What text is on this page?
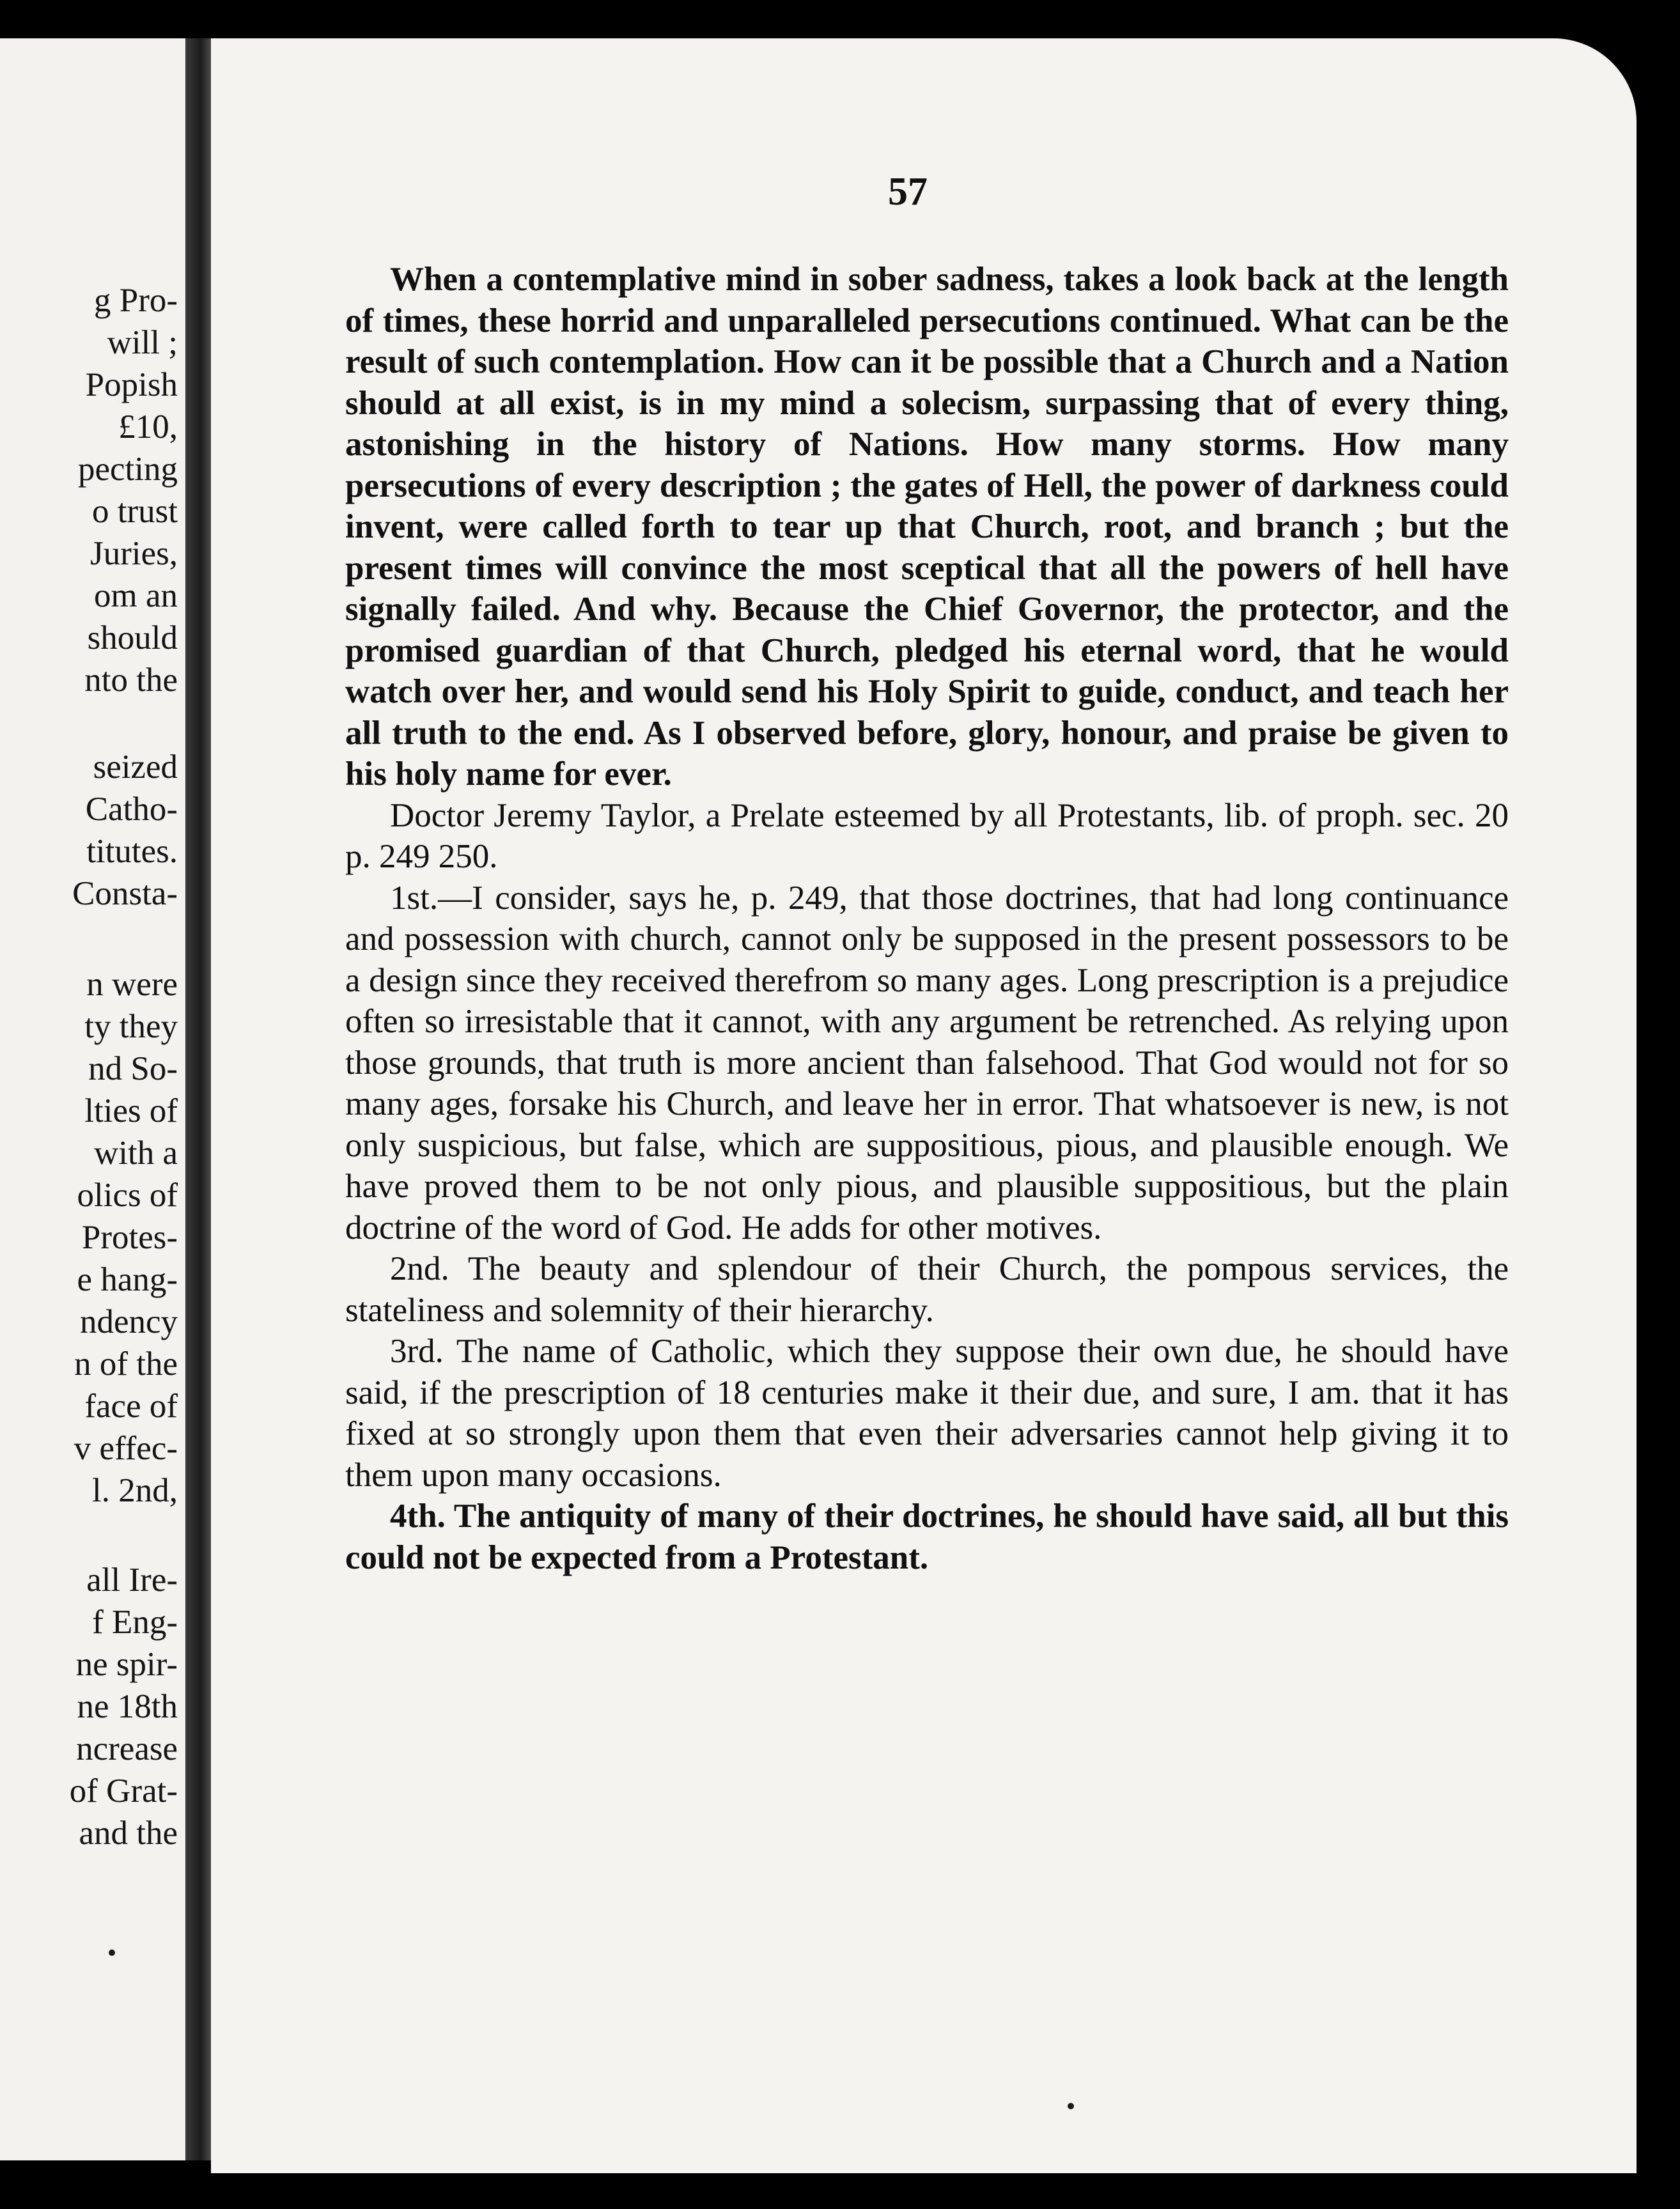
g Pro-
will ;
Popish
£10,
pecting
o trust
Juries,
om an
should
nto the
seized
Catho-
titutes.
Consta-
n were
ty they
nd So-
lties of
with a
olics of
Protes-
e hang-
ndency
n of the
face of
v effec-
l. 2nd,
all Ire-
f Eng-
ne spir-
ne 18th
ncrease
of Grat-
and the
57

When a contemplative mind in sober sadness, takes a look back at the length of times, these horrid and unparalleled persecutions continued. What can be the result of such contemplation. How can it be possible that a Church and a Nation should at all exist, is in my mind a solecism, surpassing that of every thing, astonishing in the history of Nations. How many storms. How many persecutions of every description ; the gates of Hell, the power of darkness could invent, were called forth to tear up that Church, root, and branch ; but the present times will convince the most sceptical that all the powers of hell have signally failed. And why. Because the Chief Governor, the protector, and the promised guardian of that Church, pledged his eternal word, that he would watch over her, and would send his Holy Spirit to guide, conduct, and teach her all truth to the end. As I observed before, glory, honour, and praise be given to his holy name for ever.

Doctor Jeremy Taylor, a Prelate esteemed by all Protestants, lib. of proph. sec. 20 p. 249 250.

1st.—I consider, says he, p. 249, that those doctrines, that had long continuance and possession with church, cannot only be supposed in the present possessors to be a design since they received therefrom so many ages. Long prescription is a prejudice often so irresistable that it cannot, with any argument be retrenched. As relying upon those grounds, that truth is more ancient than falsehood. That God would not for so many ages, forsake his Church, and leave her in error. That whatsoever is new, is not only suspicious, but false, which are suppositious, pious, and plausible enough. We have proved them to be not only pious, and plausible suppositious, but the plain doctrine of the word of God. He adds for other motives.

2nd. The beauty and splendour of their Church, the pompous services, the stateliness and solemnity of their hierarchy.

3rd. The name of Catholic, which they suppose their own due, he should have said, if the prescription of 18 centuries make it their due, and sure, I am. that it has fixed at so strongly upon them that even their adversaries cannot help giving it to them upon many occasions.

4th. The antiquity of many of their doctrines, he should have said, all but this could not be expected from a Protestant.
